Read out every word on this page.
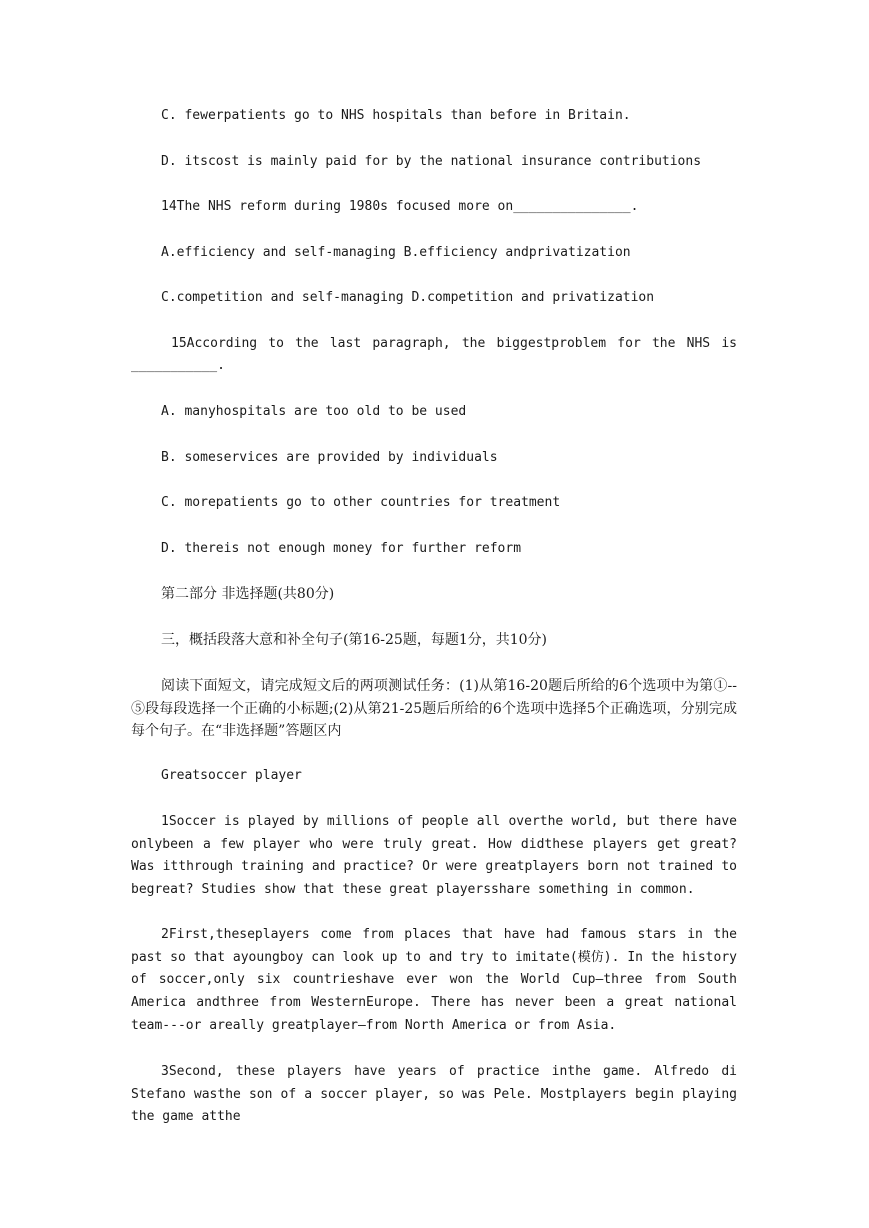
C. fewerpatients go to NHS hospitals than before in Britain.
D. itscost is mainly paid for by the national insurance contributions
14The NHS reform during 1980s focused more on_______________.
A.efficiency and self-managing B.efficiency andprivatization
C.competition and self-managing D.competition and privatization
15According to the last paragraph, the biggestproblem for the NHS is
___________.
A. manyhospitals are too old to be used
B. someservices are provided by individuals
C. morepatients go to other countries for treatment
D. thereis not enough money for further reform
第二部分 非选择题(共80分)
三，概括段落大意和补全句子(第16-25题，每题1分，共10分)
阅读下面短文，请完成短文后的两项测试任务：(1)从第16-20题后所给的6个选项中为第①--⑤段每段选择一个正确的小标题;(2)从第21-25题后所给的6个选项中选择5个正确选项，分别完成每个句子。在“非选择题”答题区内
Greatsoccer player
1Soccer is played by millions of people all overthe world, but there have onlybeen a few player who were truly great. How didthese players get great? Was itthrough training and practice? Or were greatplayers born not trained to begreat? Studies show that these great playersshare something in common.
2First,theseplayers come from places that have had famous stars in the past so that ayoungboy can look up to and try to imitate(模仿). In the history of soccer,only six countrieshave ever won the World Cup—three from South America andthree from WesternEurope. There has never been a great national team---or areally greatplayer—from North America or from Asia.
3Second, these players have years of practice inthe game. Alfredo di Stefano wasthe son of a soccer player, so was Pele. Mostplayers begin playing the game atthe
